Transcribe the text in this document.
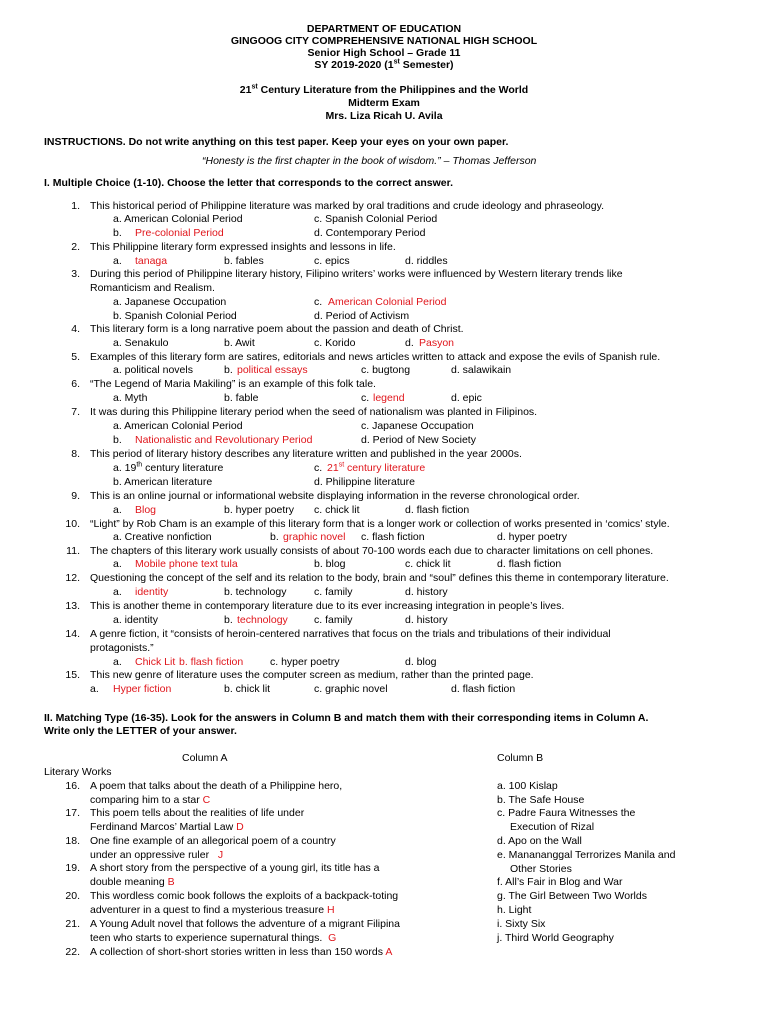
DEPARTMENT OF EDUCATION
GINGOOG CITY COMPREHENSIVE NATIONAL HIGH SCHOOL
Senior High School – Grade 11
SY 2019-2020 (1st Semester)
21st Century Literature from the Philippines and the World
Midterm Exam
Mrs. Liza Ricah U. Avila
INSTRUCTIONS. Do not write anything on this test paper. Keep your eyes on your own paper.
“Honesty is the first chapter in the book of wisdom.” – Thomas Jefferson
I. Multiple Choice (1-10). Choose the letter that corresponds to the correct answer.
1. This historical period of Philippine literature was marked by oral traditions and crude ideology and phraseology.
a. American Colonial Period	c. Spanish Colonial Period
b. Pre-colonial Period	d. Contemporary Period
2. This Philippine literary form expressed insights and lessons in life.
a. tanaga	b. fables	c. epics	d. riddles
3. During this period of Philippine literary history, Filipino writers’ works were influenced by Western literary trends like
Romanticism and Realism.
a. Japanese Occupation	c. American Colonial Period
b. Spanish Colonial Period	d. Period of Activism
4. This literary form is a long narrative poem about the passion and death of Christ.
a. Senakulo	b. Awit	c. Korido	d. Pasyon
5. Examples of this literary form are satires, editorials and news articles written to attack and expose the evils of Spanish rule.
a. political novels	b. political essays	c. bugtong	d. salawikain
6. “The Legend of Maria Makiling” is an example of this folk tale.
a. Myth	b. fable	c. legend	d. epic
7. It was during this Philippine literary period when the seed of nationalism was planted in Filipinos.
a. American Colonial Period	c. Japanese Occupation
b. Nationalistic and Revolutionary Period	d. Period of New Society
8. This period of literary history describes any literature written and published in the year 2000s.
a. 19th century literature	c. 21st century literature
b. American literature	d. Philippine literature
9. This is an online journal or informational website displaying information in the reverse chronological order.
a. Blog	b. hyper poetry c. chick lit	d. flash fiction
10. “Light” by Rob Cham is an example of this literary form that is a longer work or collection of works presented in ‘comics’ style.
a. Creative nonfiction	b. graphic novel c. flash fiction	d. hyper poetry
11. The chapters of this literary work usually consists of about 70-100 words each due to character limitations on cell phones.
a. Mobile phone text tula	b. blog	c. chick lit	d. flash fiction
12. Questioning the concept of the self and its relation to the body, brain and “soul” defines this theme in contemporary literature.
a. identity	b. technology	c. family	d. history
13. This is another theme in contemporary literature due to its ever increasing integration in people’s lives.
a. identity	b. technology c. family	d. history
14. A genre fiction, it “consists of heroin-centered narratives that focus on the trials and tribulations of their individual
protagonists.”
a. Chick Lit b. flash fiction	c. hyper poetry	d. blog
15. This new genre of literature uses the computer screen as medium, rather than the printed page.
a. Hyper fiction	b. chick lit	c. graphic novel	d. flash fiction
II. Matching Type (16-35). Look for the answers in Column B and match them with their corresponding items in Column A.
Write only the LETTER of your answer.
Column A	Column B
Literary Works
16. A poem that talks about the death of a Philippine hero,
comparing him to a star C
17. This poem tells about the realities of life under
Ferdinand Marcos’ Martial Law D
18. One fine example of an allegorical poem of a country
under an oppressive ruler J
19. A short story from the perspective of a young girl, its title has a
double meaning B
20. This wordless comic book follows the exploits of a backpack-toting
adventurer in a quest to find a mysterious treasure H
21. A Young Adult novel that follows the adventure of a migrant Filipina
teen who starts to experience supernatural things. G
22. A collection of short-short stories written in less than 150 words A
a. 100 Kislap
b. The Safe House
c. Padre Faura Witnesses the
Execution of Rizal
d. Apo on the Wall
e. Manananggal Terrorizes Manila and
Other Stories
f. All’s Fair in Blog and War
g. The Girl Between Two Worlds
h. Light
i. Sixty Six
j. Third World Geography
